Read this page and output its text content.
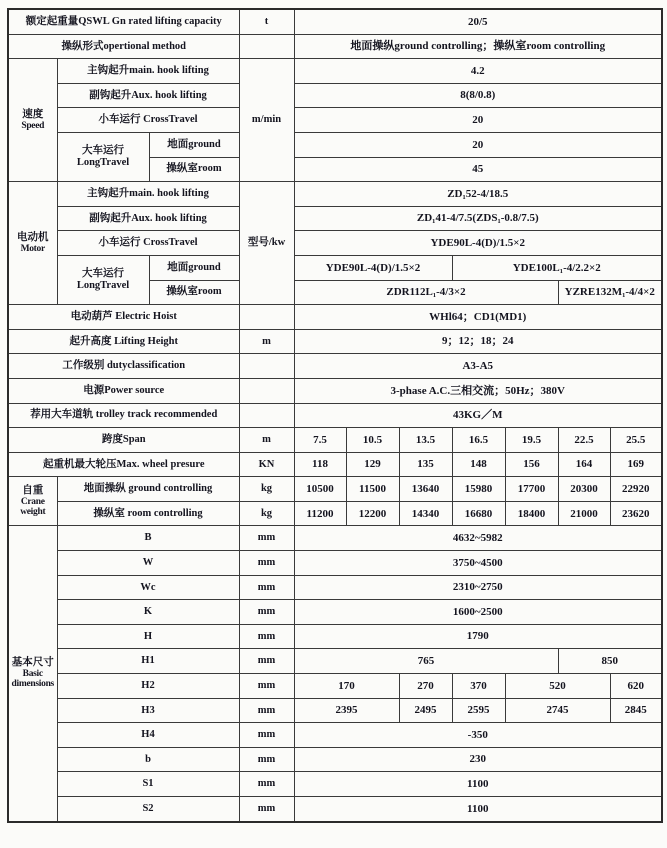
额定起重量QSWL Gn rated lifting capacity			t	20/5						
操纵形式opertional method				地面操纵ground controlling；操纵室room controlling						

速度
Speed	主钩起升main. hook lifting		m/min	4.2						
	副钩起升Aux. hook lifting			8(8/0.8)						
	小车运行 CrossTravel			20						

	大车运行
LongTravel	地面ground		20						
		操纵室room		45						

电动机
Motor	主钩起升main. hook lifting		型号/kw	ZD₁52-4/18.5						
	副钩起升Aux. hook lifting			ZD₁41-4/7.5(ZDS₁-0.8/7.5)						
	小车运行 CrossTravel			YDE90L-4(D)/1.5×2						

	大车运行
LongTravel	地面ground		YDE90L-4(D)/1.5×2			YDE100L₁-4/2.2×2			
		操纵室room		ZDR112L₁-4/3×2					YZRE132M₁-4/4×2	
电动葫芦 Electric Hoist				WHl64；CD1(MD1)						
起升高度 Lifting Height			m	9；12；18；24						
工作级别 dutyclassification				A3-A5						
电源Power source				3-phase A.C.三相交流；50Hz；380V						
荐用大车道轨 trolley track recommended				43KG／M						
跨度Span			m	7.5	10.5	13.5	16.5	19.5	22.5	25.5
起重机最大轮压Max. wheel presure			KN	118	129	135	148	156	164	169

自重
Crane weight	地面操纵 ground controlling		kg	10500	11500	13640	15980	17700	20300	22920
	操纵室 room controlling		kg	11200	12200	14340	16680	18400	21000	23620

基本尺寸
Basic dimensions	B		mm	4632~5982						
	W		mm	3750~4500						
	Wc		mm	2310~2750						
	K		mm	1600~2500						
	H		mm	1790						
	H1		mm	765					850	
	H2		mm	170		270	370	520		620
	H3		mm	2395		2495	2595	2745		2845
	H4		mm	-350						
	b		mm	230						
	S1		mm	1100						
	S2		mm	1100						
